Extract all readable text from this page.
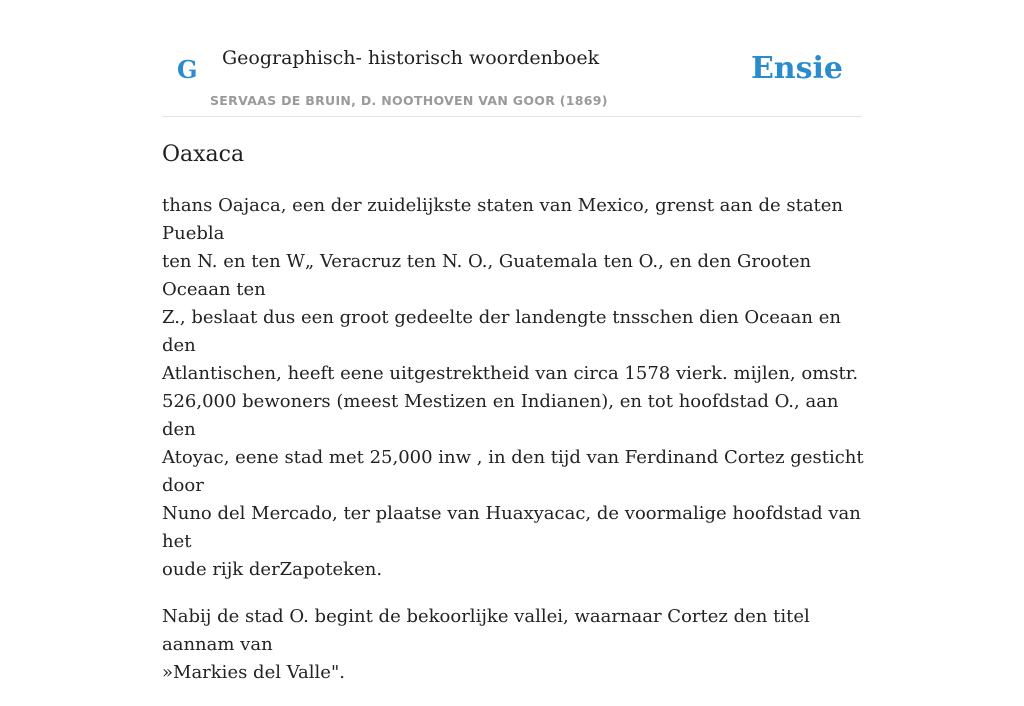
G Geographisch- historisch woordenboek
SERVAAS DE BRUIN, D. NOOTHOVEN VAN GOOR (1869)
Ensie
Oaxaca

thans Oajaca, een der zuidelijkste staten van Mexico, grenst aan de staten Puebla
ten N. en ten W„ Veracruz ten N. O., Guatemala ten O., en den Grooten Oceaan ten
Z., beslaat dus een groot gedeelte der landengte tnsschen dien Oceaan en den
Atlantischen, heeft eene uitgestrektheid van circa 1578 vierk. mijlen, omstr.
526,000 bewoners (meest Mestizen en Indianen), en tot hoofdstad O., aan den
Atoyac, eene stad met 25,000 inw , in den tijd van Ferdinand Cortez gesticht door
Nuno del Mercado, ter plaatse van Huaxyacac, de voormalige hoofdstad van het
oude rijk derZapoteken.

Nabij de stad O. begint de bekoorlijke vallei, waarnaar Cortez den titel aannam van
»Markies del Valle".
